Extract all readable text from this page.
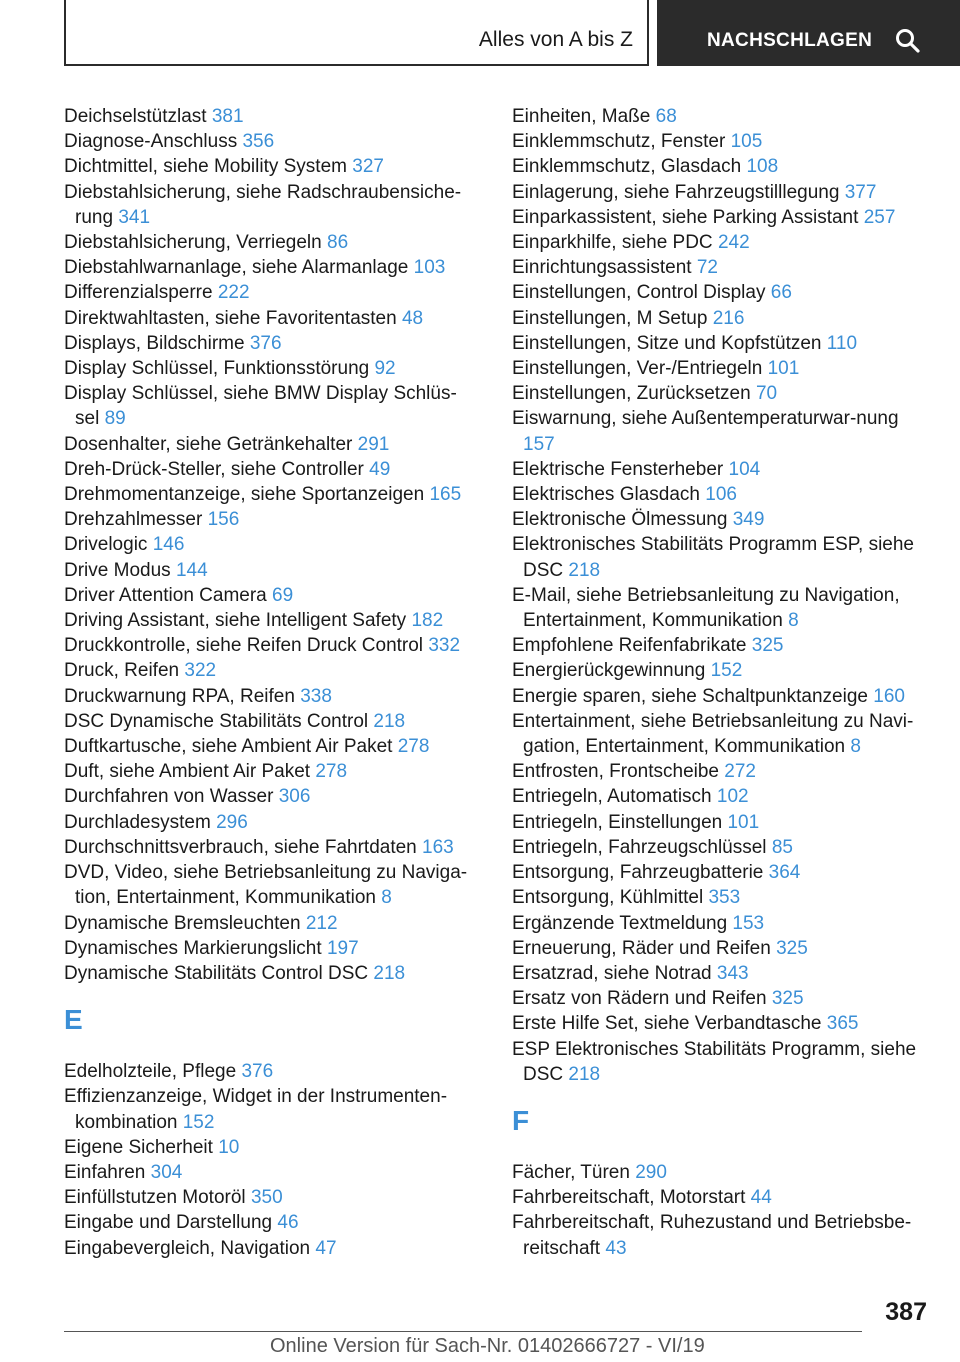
Alles von A bis Z	NACHSCHLAGEN
Deichselstützlast 381
Diagnose-Anschluss 356
Dichtmittel, siehe Mobility System 327
Diebstahlsicherung, siehe Radschraubensiche-rung 341
Diebstahlsicherung, Verriegeln 86
Diebstahlwarnanlage, siehe Alarmanlage 103
Differenzialsperre 222
Direktwahltasten, siehe Favoritentasten 48
Displays, Bildschirme 376
Display Schlüssel, Funktionsstörung 92
Display Schlüssel, siehe BMW Display Schlüs-sel 89
Dosenhalter, siehe Getränkehalter 291
Dreh-Drück-Steller, siehe Controller 49
Drehmomentanzeige, siehe Sportanzeigen 165
Drehzahlmesser 156
Drivelogic 146
Drive Modus 144
Driver Attention Camera 69
Driving Assistant, siehe Intelligent Safety 182
Druckkontrolle, siehe Reifen Druck Control 332
Druck, Reifen 322
Druckwarnung RPA, Reifen 338
DSC Dynamische Stabilitäts Control 218
Duftkartusche, siehe Ambient Air Paket 278
Duft, siehe Ambient Air Paket 278
Durchfahren von Wasser 306
Durchladesystem 296
Durchschnittsverbrauch, siehe Fahrtdaten 163
DVD, Video, siehe Betriebsanleitung zu Naviga-tion, Entertainment, Kommunikation 8
Dynamische Bremsleuchten 212
Dynamisches Markierungslicht 197
Dynamische Stabilitäts Control DSC 218
E
Edelholzteile, Pflege 376
Effizienzanzeige, Widget in der Instrumenten-kombination 152
Eigene Sicherheit 10
Einfahren 304
Einfüllstutzen Motoröl 350
Eingabe und Darstellung 46
Eingabevergleich, Navigation 47
Einheiten, Maße 68
Einklemmschutz, Fenster 105
Einklemmschutz, Glasdach 108
Einlagerung, siehe Fahrzeugstilllegung 377
Einparkassistent, siehe Parking Assistant 257
Einparkhilfe, siehe PDC 242
Einrichtungsassistent 72
Einstellungen, Control Display 66
Einstellungen, M Setup 216
Einstellungen, Sitze und Kopfstützen 110
Einstellungen, Ver-/Entriegeln 101
Einstellungen, Zurücksetzen 70
Eiswarnung, siehe Außentemperaturwar-nung 157
Elektrische Fensterheber 104
Elektrisches Glasdach 106
Elektronische Ölmessung 349
Elektronisches Stabilitäts Programm ESP, siehe DSC 218
E-Mail, siehe Betriebsanleitung zu Navigation, Entertainment, Kommunikation 8
Empfohlene Reifenfabrikate 325
Energierückgewinnung 152
Energie sparen, siehe Schaltpunktanzeige 160
Entertainment, siehe Betriebsanleitung zu Navi-gation, Entertainment, Kommunikation 8
Entfrosten, Frontscheibe 272
Entriegeln, Automatisch 102
Entriegeln, Einstellungen 101
Entriegeln, Fahrzeugschlüssel 85
Entsorgung, Fahrzeugbatterie 364
Entsorgung, Kühlmittel 353
Ergänzende Textmeldung 153
Erneuerung, Räder und Reifen 325
Ersatzrad, siehe Notrad 343
Ersatz von Rädern und Reifen 325
Erste Hilfe Set, siehe Verbandtasche 365
ESP Elektronisches Stabilitäts Programm, siehe DSC 218
F
Fächer, Türen 290
Fahrbereitschaft, Motorstart 44
Fahrbereitschaft, Ruhezustand und Betriebsbe-reitschaft 43
387
Online Version für Sach-Nr. 01402666727 - VI/19
